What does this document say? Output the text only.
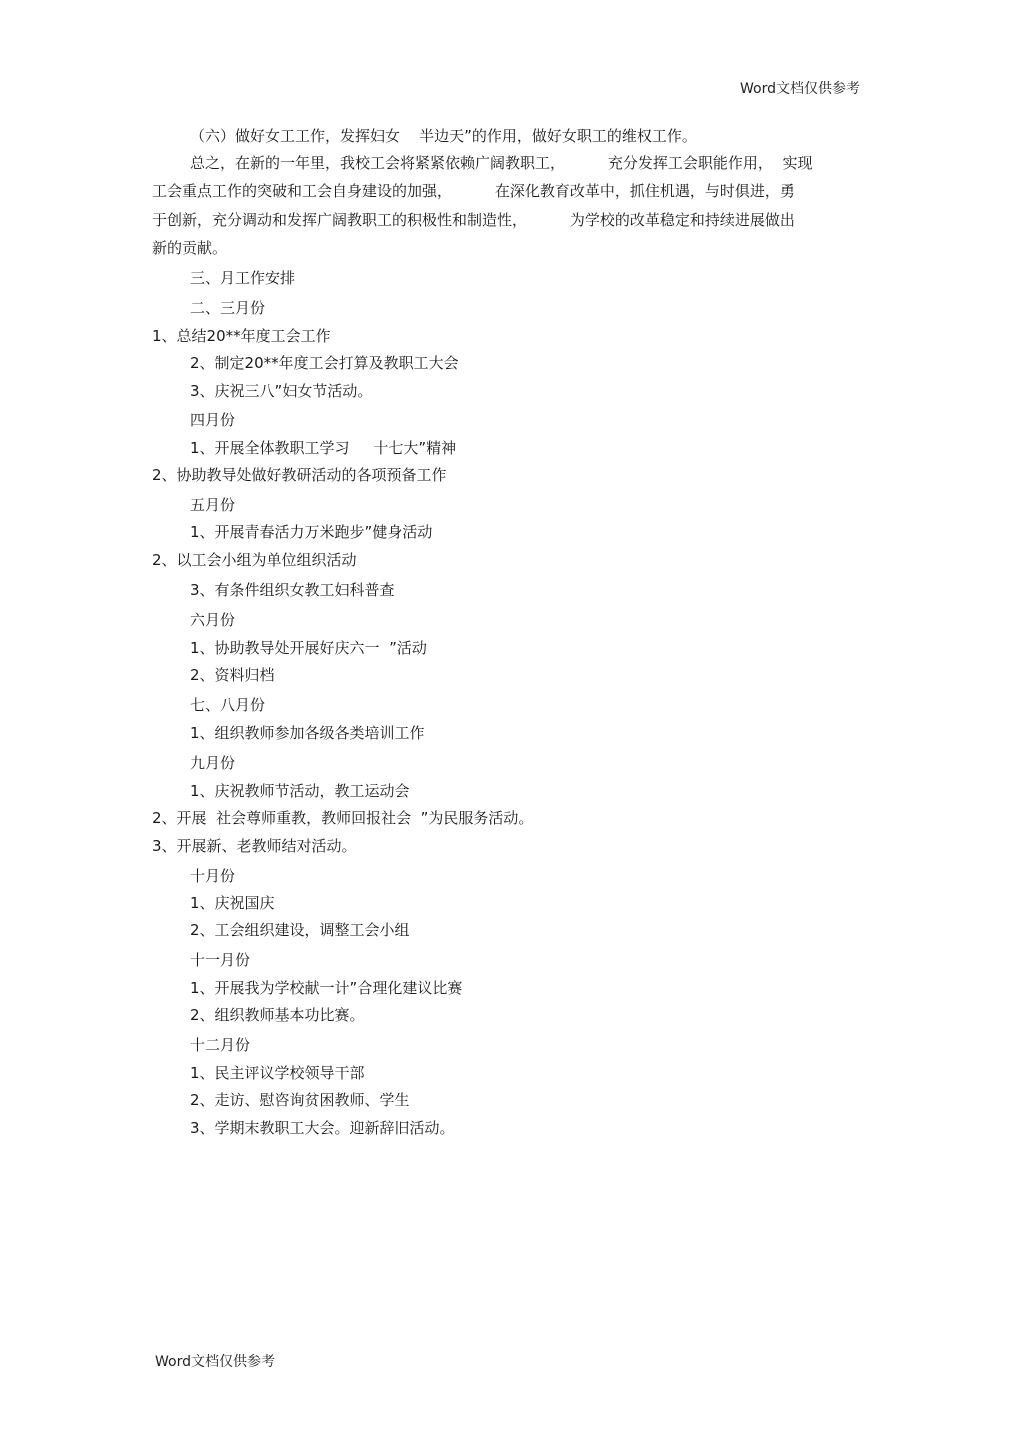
Word文档仅供参考
（六）做好女工工作，发挥妇女    半边天”的作用，做好女职工的维权工作。
总之，在新的一年里，我校工会将紧紧依赖广阔教职工，         充分发挥工会职能作用，  实现
工会重点工作的突破和工会自身建设的加强，         在深化教育改革中，抓住机遇，与时俱进，勇
于创新，充分调动和发挥广阔教职工的积极性和制造性，         为学校的改革稳定和持续进展做出
新的贡献。
三、月工作安排
二、三月份
1、总结20**年度工会工作
2、制定20**年度工会打算及教职工大会
3、庆祝三八”妇女节活动。
四月份
1、开展全体教职工学习     十七大”精神
2、协助教导处做好教研活动的各项预备工作
五月份
1、开展青春活力万米跑步”健身活动
2、以工会小组为单位组织活动
3、有条件组织女教工妇科普查
六月份
1、协助教导处开展好庆六一  ”活动
2、资料归档
七、八月份
1、组织教师参加各级各类培训工作
九月份
1、庆祝教师节活动，教工运动会
2、开展  社会尊师重教，教师回报社会  ”为民服务活动。
3、开展新、老教师结对活动。
十月份
1、庆祝国庆
2、工会组织建设，调整工会小组
十一月份
1、开展我为学校献一计”合理化建议比赛
2、组织教师基本功比赛。
十二月份
1、民主评议学校领导干部
2、走访、慰咨询贫困教师、学生
3、学期末教职工大会。迎新辞旧活动。
Word文档仅供参考
